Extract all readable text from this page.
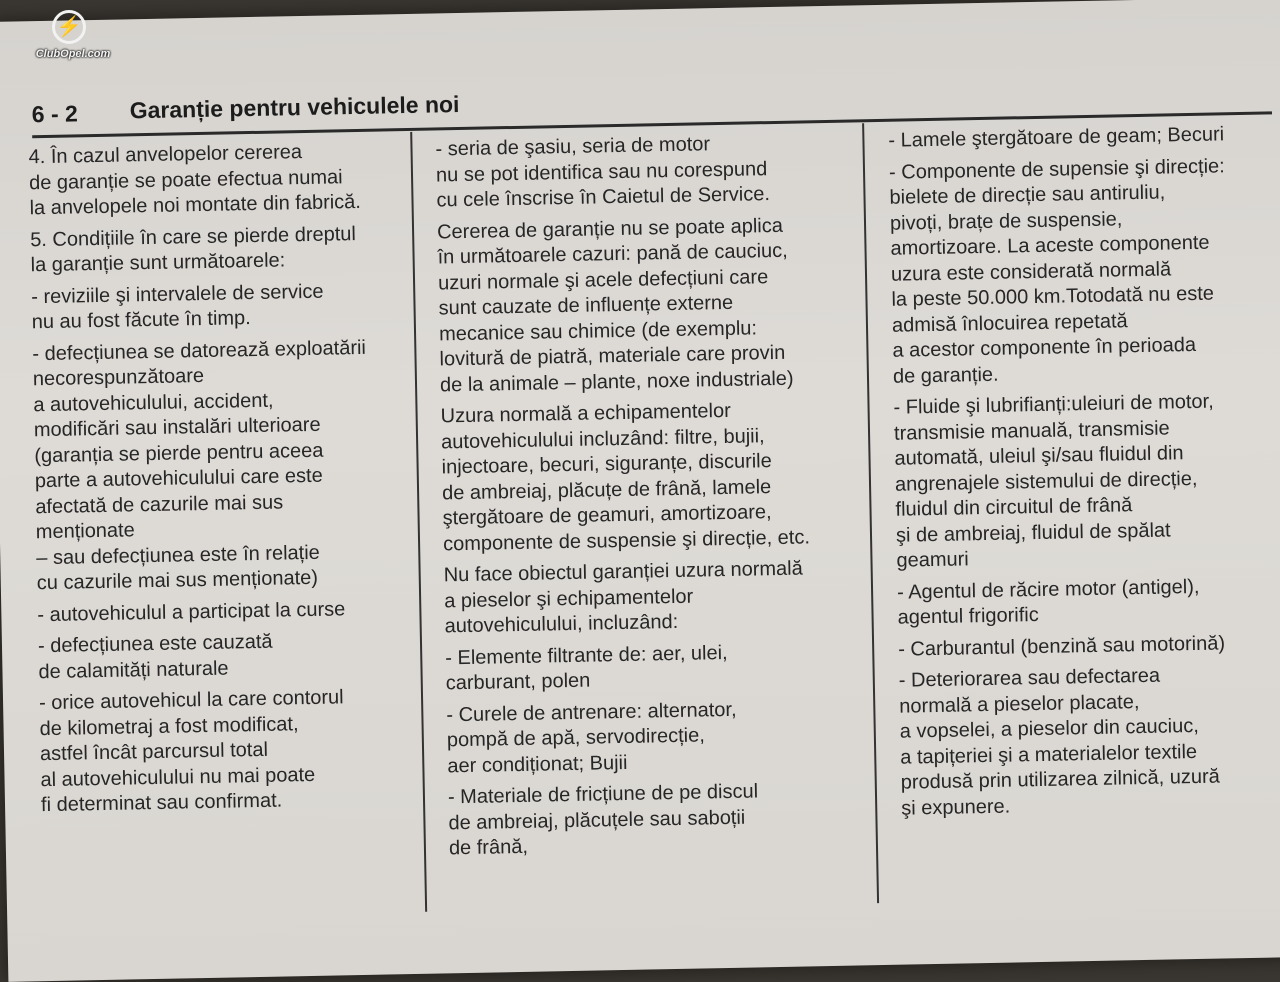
⚡
ClubOpel.com
6 - 2 Garanție pentru vehiculele noi

4. În cazul anvelopelor cererea
de garanție se poate efectua numai
la anvelopele noi montate din fabrică.

5. Condițiile în care se pierde dreptul
la garanție sunt următoarele:

- reviziile şi intervalele de service
nu au fost făcute în timp.

- defecțiunea se datorează exploatării
necorespunzătoare
a autovehiculului, accident,
modificări sau instalări ulterioare
(garanția se pierde pentru aceea
parte a autovehiculului care este
afectată de cazurile mai sus
menționate
– sau defecțiunea este în relație
cu cazurile mai sus menționate)

- autovehiculul a participat la curse

- defecțiunea este cauzată
de calamități naturale

- orice autovehicul la care contorul
de kilometraj a fost modificat,
astfel încât parcursul total
al autovehiculului nu mai poate
fi determinat sau confirmat.

- seria de şasiu, seria de motor
nu se pot identifica sau nu corespund
cu cele înscrise în Caietul de Service.

Cererea de garanție nu se poate aplica
în următoarele cazuri: pană de cauciuc,
uzuri normale şi acele defecțiuni care
sunt cauzate de influențe externe
mecanice sau chimice (de exemplu:
lovitură de piatră, materiale care provin
de la animale – plante, noxe industriale)

Uzura normală a echipamentelor
autovehiculului incluzând: filtre, bujii,
injectoare, becuri, siguranțe, discurile
de ambreiaj, plăcuțe de frână, lamele
ştergătoare de geamuri, amortizoare,
componente de suspensie şi direcție, etc.

Nu face obiectul garanției uzura normală
a pieselor şi echipamentelor
autovehiculului, incluzând:

- Elemente filtrante de: aer, ulei,
carburant, polen

- Curele de antrenare: alternator,
pompă de apă, servodirecție,
aer condiționat; Bujii

- Materiale de fricțiune de pe discul
de ambreiaj, plăcuțele sau saboții
de frână,

- Lamele ştergătoare de geam; Becuri

- Componente de supensie şi direcție:
bielete de direcție sau antiruliu,
pivoți, brațe de suspensie,
amortizoare. La aceste componente
uzura este considerată normală
la peste 50.000 km.Totodată nu este
admisă înlocuirea repetată
a acestor componente în perioada
de garanție.

- Fluide şi lubrifianți:uleiuri de motor,
transmisie manuală, transmisie
automată, uleiul şi/sau fluidul din
angrenajele sistemului de direcție,
fluidul din circuitul de frână
şi de ambreiaj, fluidul de spălat
geamuri

- Agentul de răcire motor (antigel),
agentul frigorific

- Carburantul (benzină sau motorină)

- Deteriorarea sau defectarea
normală a pieselor placate,
a vopselei, a pieselor din cauciuc,
a tapițeriei şi a materialelor textile
produsă prin utilizarea zilnică, uzură
şi expunere.
